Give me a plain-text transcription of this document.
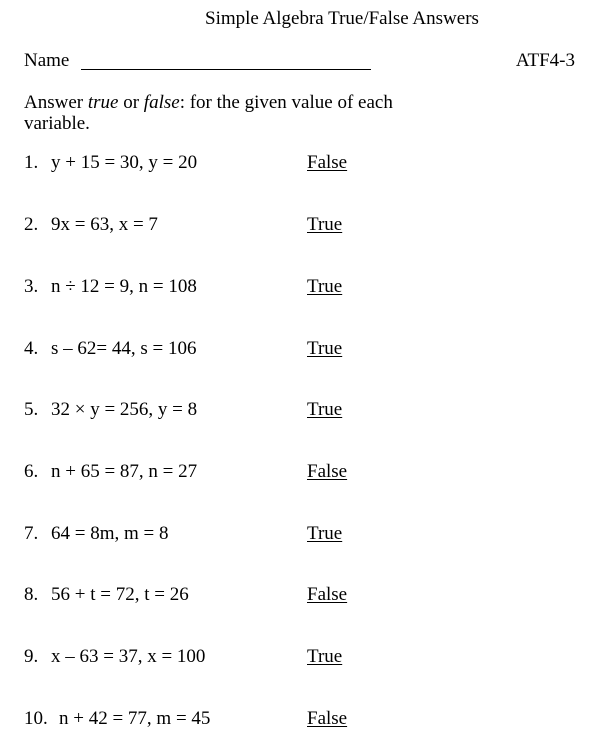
Simple Algebra True/False Answers
Name	ATF4-3
Answer true or false: for the given value of each variable.
1. y + 15 = 30, y = 20	False
2. 9x = 63, x = 7	True
3. n ÷ 12 = 9, n = 108	True
4. s – 62= 44, s = 106	True
5. 32 × y = 256, y = 8	True
6. n + 65 = 87, n = 27	False
7. 64 = 8m, m = 8	True
8. 56 + t = 72, t = 26	False
9. x – 63 = 37, x = 100	True
10. n + 42 = 77, m = 45	False
